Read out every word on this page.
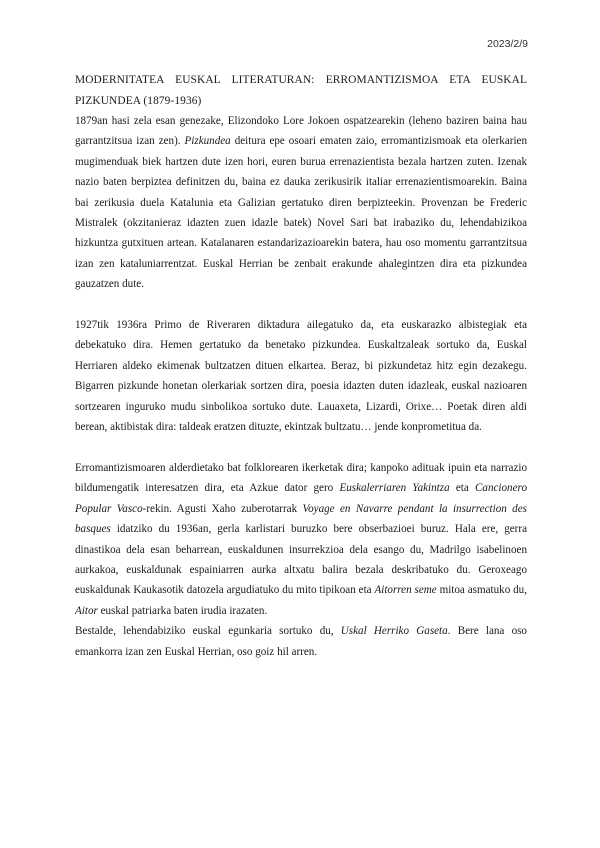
2023/2/9

MODERNITATEA EUSKAL LITERATURAN: ERROMANTIZISMOA ETA EUSKAL PIZKUNDEA (1879-1936)

1879an hasi zela esan genezake, Elizondoko Lore Jokoen ospatzearekin (leheno baziren baina hau garrantzitsua izan zen). Pizkundea deitura epe osoari ematen zaio, erromantizismoak eta olerkarien mugimenduak biek hartzen dute izen hori, euren burua errenazientista bezala hartzen zuten. Izenak nazio baten berpiztea definitzen du, baina ez dauka zerikusirik italiar errenazientismoarekin. Baina bai zerikusia duela Katalunia eta Galizian gertatuko diren berpizteekin. Provenzan be Frederic Mistralek (okzitanieraz idazten zuen idazle batek) Novel Sari bat irabaziko du, lehendabizikoa hizkuntza gutxituen artean. Katalanaren estandarizazioarekin batera, hau oso momentu garrantzitsua izan zen kataluniarrentzat. Euskal Herrian be zenbait erakunde ahalegintzen dira eta pizkundea gauzatzen dute.

1927tik 1936ra Primo de Riveraren diktadura ailegatuko da, eta euskarazko albistegiak eta debekatuko dira. Hemen gertatuko da benetako pizkundea. Euskaltzaleak sortuko da, Euskal Herriaren aldeko ekimenak bultzatzen dituen elkartea. Beraz, bi pizkundetaz hitz egin dezakegu. Bigarren pizkunde honetan olerkariak sortzen dira, poesia idazten duten idazleak, euskal nazioaren sortzearen inguruko mudu sinbolikoa sortuko dute. Lauaxeta, Lizardi, Orixe… Poetak diren aldi berean, aktibistak dira: taldeak eratzen dituzte, ekintzak bultzatu… jende konprometitua da.

Erromantizismoaren alderdietako bat folklorearen ikerketak dira; kanpoko adituak ipuin eta narrazio bildumengatik interesatzen dira, eta Azkue dator gero Euskalerriaren Yakintza eta Cancionero Popular Vasco-rekin. Agusti Xaho zuberotarrak Voyage en Navarre pendant la insurrection des basques idatziko du 1936an, gerla karlistari buruzko bere obserbazioei buruz. Hala ere, gerra dinastikoa dela esan beharrean, euskaldunen insurrekzioa dela esango du, Madrilgo isabelinoen aurkakoa, euskaldunak espainiarren aurka altxatu balira bezala deskribatuko du. Geroxeago euskaldunak Kaukasotik datozela argudiatuko du mito tipikoan eta Aitorren seme mitoa asmatuko du, Aitor euskal patriarka baten irudia irazaten.

Bestalde, lehendabiziko euskal egunkaria sortuko du, Uskal Herriko Gaseta. Bere lana oso emankorra izan zen Euskal Herrian, oso goiz hil arren.
